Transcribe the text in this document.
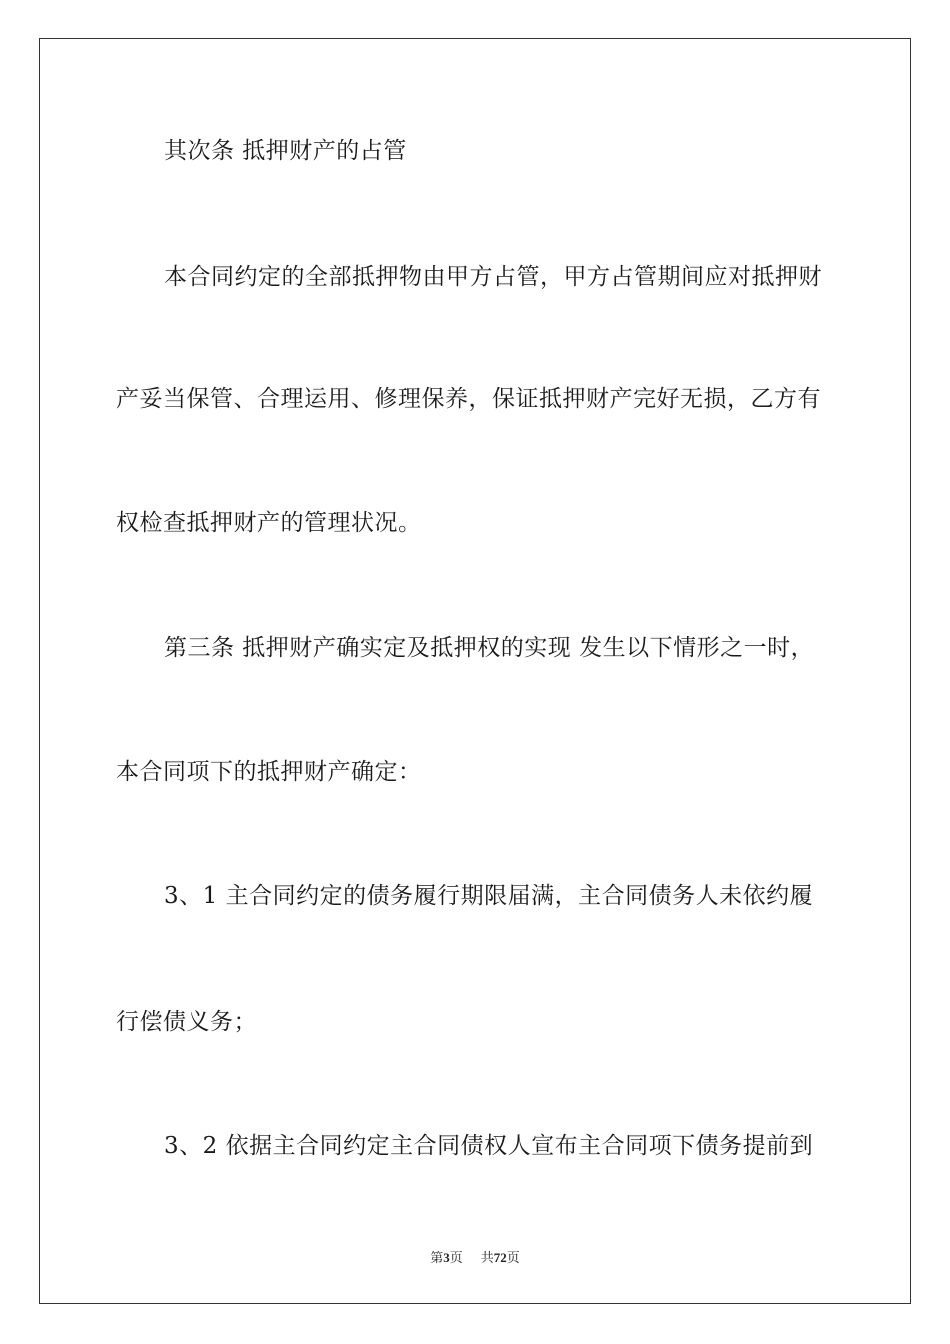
其次条 抵押财产的占管
本合同约定的全部抵押物由甲方占管，甲方占管期间应对抵押财
产妥当保管、合理运用、修理保养，保证抵押财产完好无损，乙方有
权检查抵押财产的管理状况。
第三条 抵押财产确实定及抵押权的实现 发生以下情形之一时，
本合同项下的抵押财产确定：
3、1 主合同约定的债务履行期限届满，主合同债务人未依约履
行偿债义务；
3、2 依据主合同约定主合同债权人宣布主合同项下债务提前到
第3页 共72页
